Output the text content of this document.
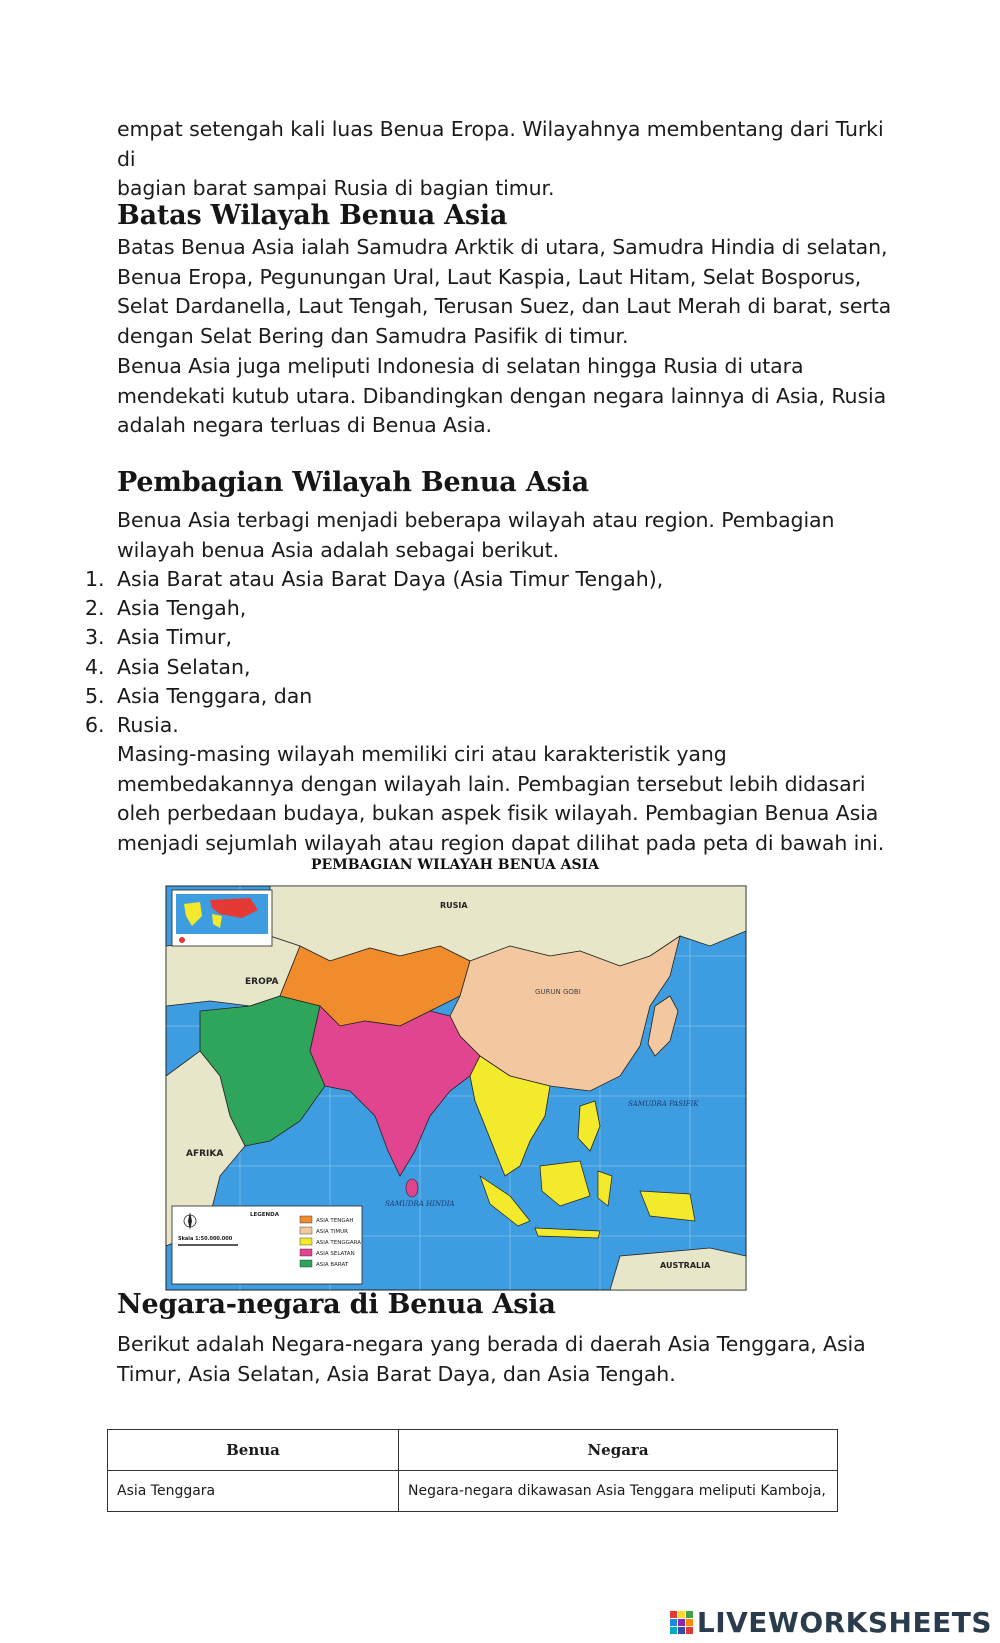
empat setengah kali luas Benua Eropa. Wilayahnya membentang dari Turki di
bagian barat sampai Rusia di bagian timur.
Batas Wilayah Benua Asia

Batas Benua Asia ialah Samudra Arktik di utara, Samudra Hindia di selatan, Benua Eropa, Pegunungan Ural, Laut Kaspia, Laut Hitam, Selat Bosporus, Selat Dardanella, Laut Tengah, Terusan Suez, dan Laut Merah di barat, serta dengan Selat Bering dan Samudra Pasifik di timur.

Benua Asia juga meliputi Indonesia di selatan hingga Rusia di utara mendekati kutub utara. Dibandingkan dengan negara lainnya di Asia, Rusia adalah negara terluas di Benua Asia.

Pembagian Wilayah Benua Asia

Benua Asia terbagi menjadi beberapa wilayah atau region. Pembagian wilayah benua Asia adalah sebagai berikut.

1. Asia Barat atau Asia Barat Daya (Asia Timur Tengah),
2. Asia Tengah,
3. Asia Timur,
4. Asia Selatan,
5. Asia Tenggara, dan
6. Rusia.

Masing-masing wilayah memiliki ciri atau karakteristik yang membedakannya dengan wilayah lain. Pembagian tersebut lebih didasari oleh perbedaan budaya, bukan aspek fisik wilayah. Pembagian Benua Asia menjadi sejumlah wilayah atau region dapat dilihat pada peta di bawah ini.

PEMBAGIAN WILAYAH BENUA ASIA
RUSIA
EROPA
AFRIKA
GURUN GOBI
SAMUDRA PASIFIK
SAMUDRA HINDIA
AUSTRALIA
Skala 1:50.000.000
LEGENDA
ASIA TENGAH
ASIA TIMUR
ASIA TENGGARA
ASIA SELATAN
ASIA BARAT
Negara-negara di Benua Asia

Berikut adalah Negara-negara yang berada di daerah Asia Tenggara, Asia Timur, Asia Selatan, Asia Barat Daya, dan Asia Tengah.

Benua	Negara
Asia Tenggara	Negara-negara dikawasan Asia Tenggara meliputi Kamboja,
LIVEWORKSHEETS
